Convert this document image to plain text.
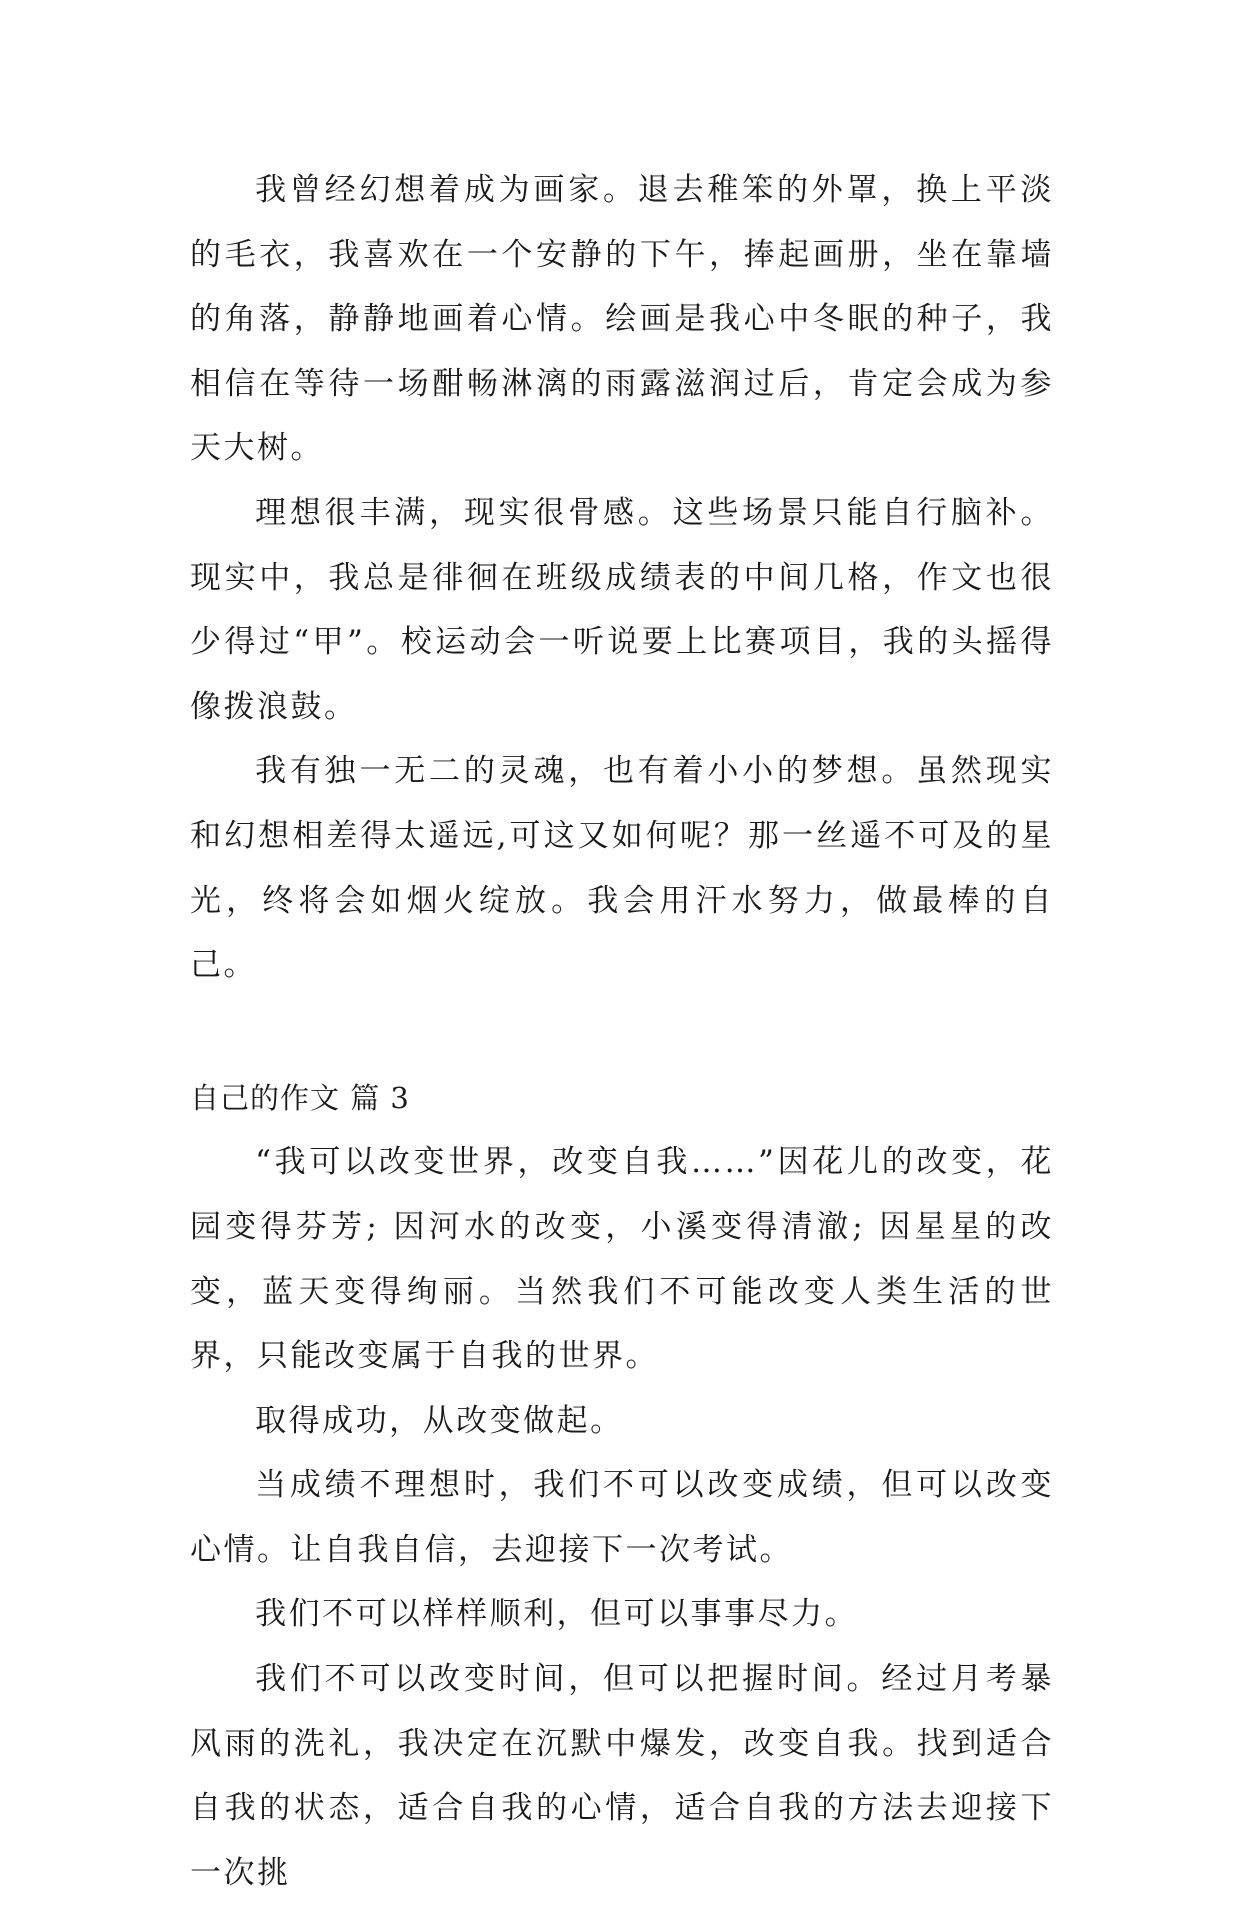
我曾经幻想着成为画家。退去稚笨的外罩，换上平淡的毛衣，我喜欢在一个安静的下午，捧起画册，坐在靠墙的角落，静静地画着心情。绘画是我心中冬眠的种子，我相信在等待一场酣畅淋漓的雨露滋润过后，肯定会成为参天大树。

理想很丰满，现实很骨感。这些场景只能自行脑补。现实中，我总是徘徊在班级成绩表的中间几格，作文也很少得过“甲”。校运动会一听说要上比赛项目，我的头摇得像拨浪鼓。

我有独一无二的灵魂，也有着小小的梦想。虽然现实和幻想相差得太遥远,可这又如何呢？那一丝遥不可及的星光，终将会如烟火绽放。我会用汗水努力，做最棒的自己。

自己的作文 篇 3

“我可以改变世界，改变自我……”因花儿的改变，花园变得芬芳; 因河水的改变，小溪变得清澈; 因星星的改变，蓝天变得绚丽。当然我们不可能改变人类生活的世界，只能改变属于自我的世界。

取得成功，从改变做起。

当成绩不理想时，我们不可以改变成绩，但可以改变心情。让自我自信，去迎接下一次考试。

我们不可以样样顺利，但可以事事尽力。

我们不可以改变时间，但可以把握时间。经过月考暴风雨的洗礼，我决定在沉默中爆发，改变自我。找到适合自我的状态，适合自我的心情，适合自我的方法去迎接下一次挑
